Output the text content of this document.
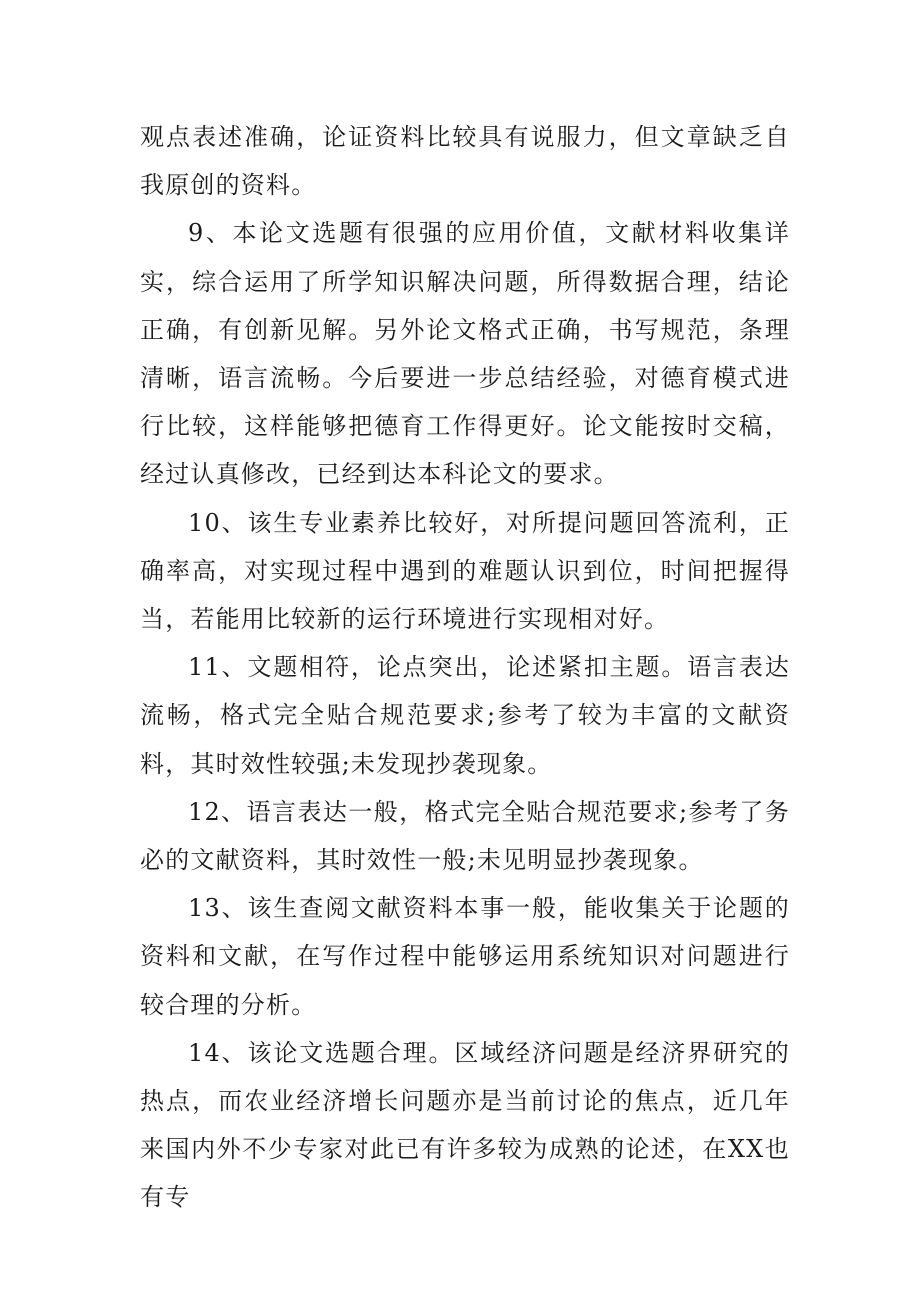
观点表述准确，论证资料比较具有说服力，但文章缺乏自我原创的资料。

9、本论文选题有很强的应用价值，文献材料收集详实，综合运用了所学知识解决问题，所得数据合理，结论正确，有创新见解。另外论文格式正确，书写规范，条理清晰，语言流畅。今后要进一步总结经验，对德育模式进行比较，这样能够把德育工作得更好。论文能按时交稿，经过认真修改，已经到达本科论文的要求。

10、该生专业素养比较好，对所提问题回答流利，正确率高，对实现过程中遇到的难题认识到位，时间把握得当，若能用比较新的运行环境进行实现相对好。

11、文题相符，论点突出，论述紧扣主题。语言表达流畅，格式完全贴合规范要求;参考了较为丰富的文献资料，其时效性较强;未发现抄袭现象。

12、语言表达一般，格式完全贴合规范要求;参考了务必的文献资料，其时效性一般;未见明显抄袭现象。

13、该生查阅文献资料本事一般，能收集关于论题的资料和文献，在写作过程中能够运用系统知识对问题进行较合理的分析。

14、该论文选题合理。区域经济问题是经济界研究的热点，而农业经济增长问题亦是当前讨论的焦点，近几年来国内外不少专家对此已有许多较为成熟的论述，在XX也有专
